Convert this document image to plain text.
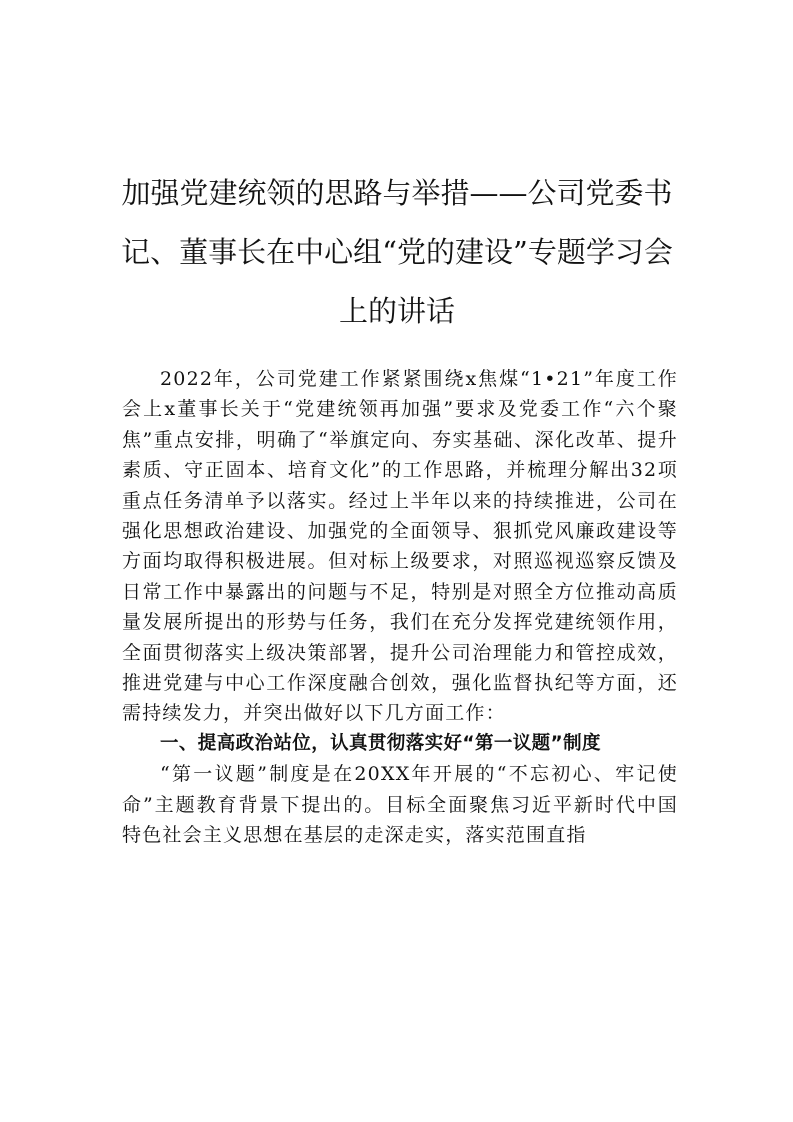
加强党建统领的思路与举措——公司党委书记、董事长在中心组“党的建设”专题学习会上的讲话

2022年，公司党建工作紧紧围绕x焦煤“1•21”年度工作会上x董事长关于“党建统领再加强”要求及党委工作“六个聚焦”重点安排，明确了“举旗定向、夯实基础、深化改革、提升素质、守正固本、培育文化”的工作思路，并梳理分解出32项重点任务清单予以落实。经过上半年以来的持续推进，公司在强化思想政治建设、加强党的全面领导、狠抓党风廉政建设等方面均取得积极进展。但对标上级要求，对照巡视巡察反馈及日常工作中暴露出的问题与不足，特别是对照全方位推动高质量发展所提出的形势与任务，我们在充分发挥党建统领作用，全面贯彻落实上级决策部署，提升公司治理能力和管控成效，推进党建与中心工作深度融合创效，强化监督执纪等方面，还需持续发力，并突出做好以下几方面工作：

一、提高政治站位，认真贯彻落实好“第一议题”制度

“第一议题”制度是在20XX年开展的“不忘初心、牢记使命”主题教育背景下提出的。目标全面聚焦习近平新时代中国特色社会主义思想在基层的走深走实，落实范围直指
